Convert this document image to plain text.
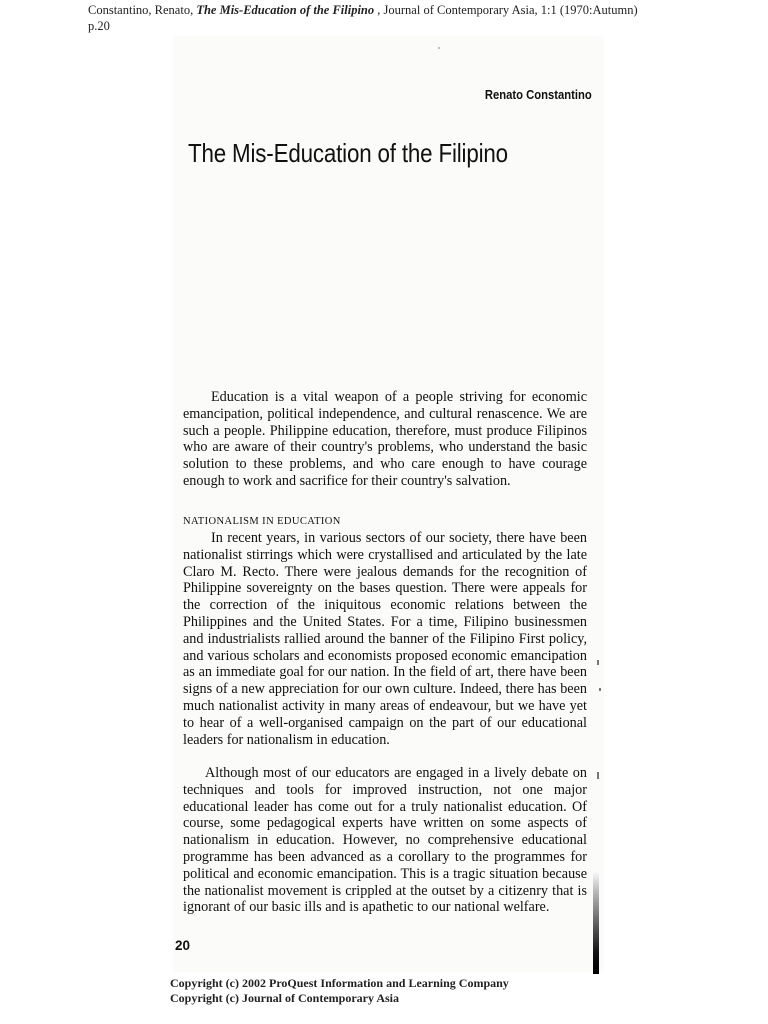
Constantino, Renato, The Mis-Education of the Filipino , Journal of Contemporary Asia, 1:1 (1970:Autumn) p.20
Renato Constantino
The Mis-Education of the Filipino

Education is a vital weapon of a people striving for economic emancipation, political independence, and cultural renascence. We are such a people. Philippine education, therefore, must produce Filipinos who are aware of their country's problems, who understand the basic solution to these problems, and who care enough to have courage enough to work and sacrifice for their country's salvation.

NATIONALISM IN EDUCATION

In recent years, in various sectors of our society, there have been nationalist stirrings which were crystallised and articulated by the late Claro M. Recto. There were jealous demands for the recognition of Philippine sovereignty on the bases question. There were appeals for the correction of the iniquitous economic relations between the Philippines and the United States. For a time, Filipino businessmen and industrialists rallied around the banner of the Filipino First policy, and various scholars and economists proposed economic emancipation as an immediate goal for our nation. In the field of art, there have been signs of a new appreciation for our own culture. Indeed, there has been much nationalist activity in many areas of endeavour, but we have yet to hear of a well-organised campaign on the part of our educational leaders for nationalism in education.

Although most of our educators are engaged in a lively debate on techniques and tools for improved instruction, not one major educational leader has come out for a truly nationalist education. Of course, some pedagogical experts have written on some aspects of nationalism in education. However, no comprehensive educational programme has been advanced as a corollary to the programmes for political and economic emancipation. This is a tragic situation because the nationalist movement is crippled at the outset by a citizenry that is ignorant of our basic ills and is apathetic to our national welfare.

20
Copyright (c) 2002 ProQuest Information and Learning Company
Copyright (c) Journal of Contemporary Asia
